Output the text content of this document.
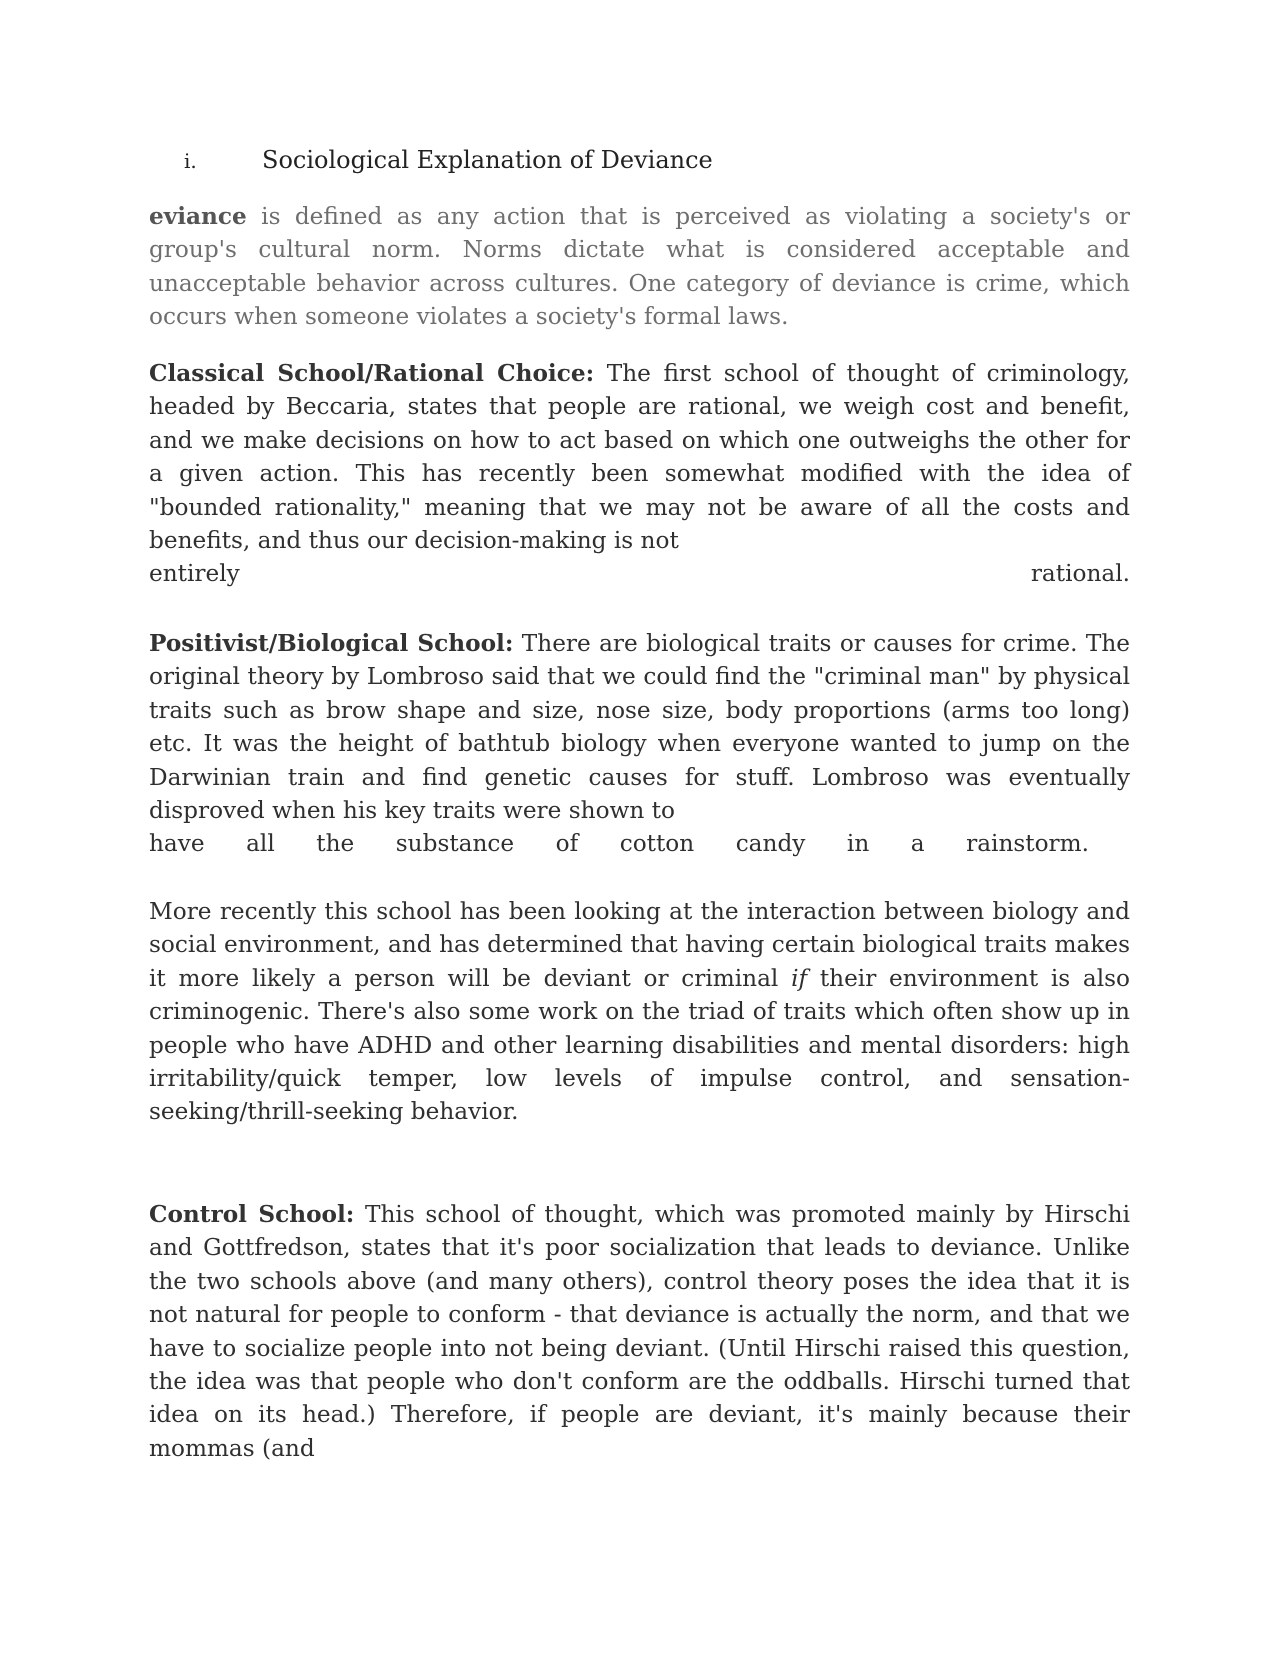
i.	Sociological Explanation of Deviance

eviance is defined as any action that is perceived as violating a society's or group's cultural norm. Norms dictate what is considered acceptable and unacceptable behavior across cultures. One category of deviance is crime, which occurs when someone violates a society's formal laws.

Classical School/Rational Choice: The first school of thought of criminology, headed by Beccaria, states that people are rational, we weigh cost and benefit, and we make decisions on how to act based on which one outweighs the other for a given action. This has recently been somewhat modified with the idea of "bounded rationality," meaning that we may not be aware of all the costs and benefits, and thus our decision-making is not

entirely rational.

Positivist/Biological School: There are biological traits or causes for crime. The original theory by Lombroso said that we could find the "criminal man" by physical traits such as brow shape and size, nose size, body proportions (arms too long) etc. It was the height of bathtub biology when everyone wanted to jump on the Darwinian train and find genetic causes for stuff. Lombroso was eventually disproved when his key traits were shown to

have all the substance of cotton candy in a rainstorm.

More recently this school has been looking at the interaction between biology and social environment, and has determined that having certain biological traits makes it more likely a person will be deviant or criminal if their environment is also criminogenic. There's also some work on the triad of traits which often show up in people who have ADHD and other learning disabilities and mental disorders: high irritability/quick temper, low levels of impulse control, and sensation-seeking/thrill-seeking behavior.

Control School: This school of thought, which was promoted mainly by Hirschi and Gottfredson, states that it's poor socialization that leads to deviance. Unlike the two schools above (and many others), control theory poses the idea that it is not natural for people to conform - that deviance is actually the norm, and that we have to socialize people into not being deviant. (Until Hirschi raised this question, the idea was that people who don't conform are the oddballs. Hirschi turned that idea on its head.) Therefore, if people are deviant, it's mainly because their mommas (and
